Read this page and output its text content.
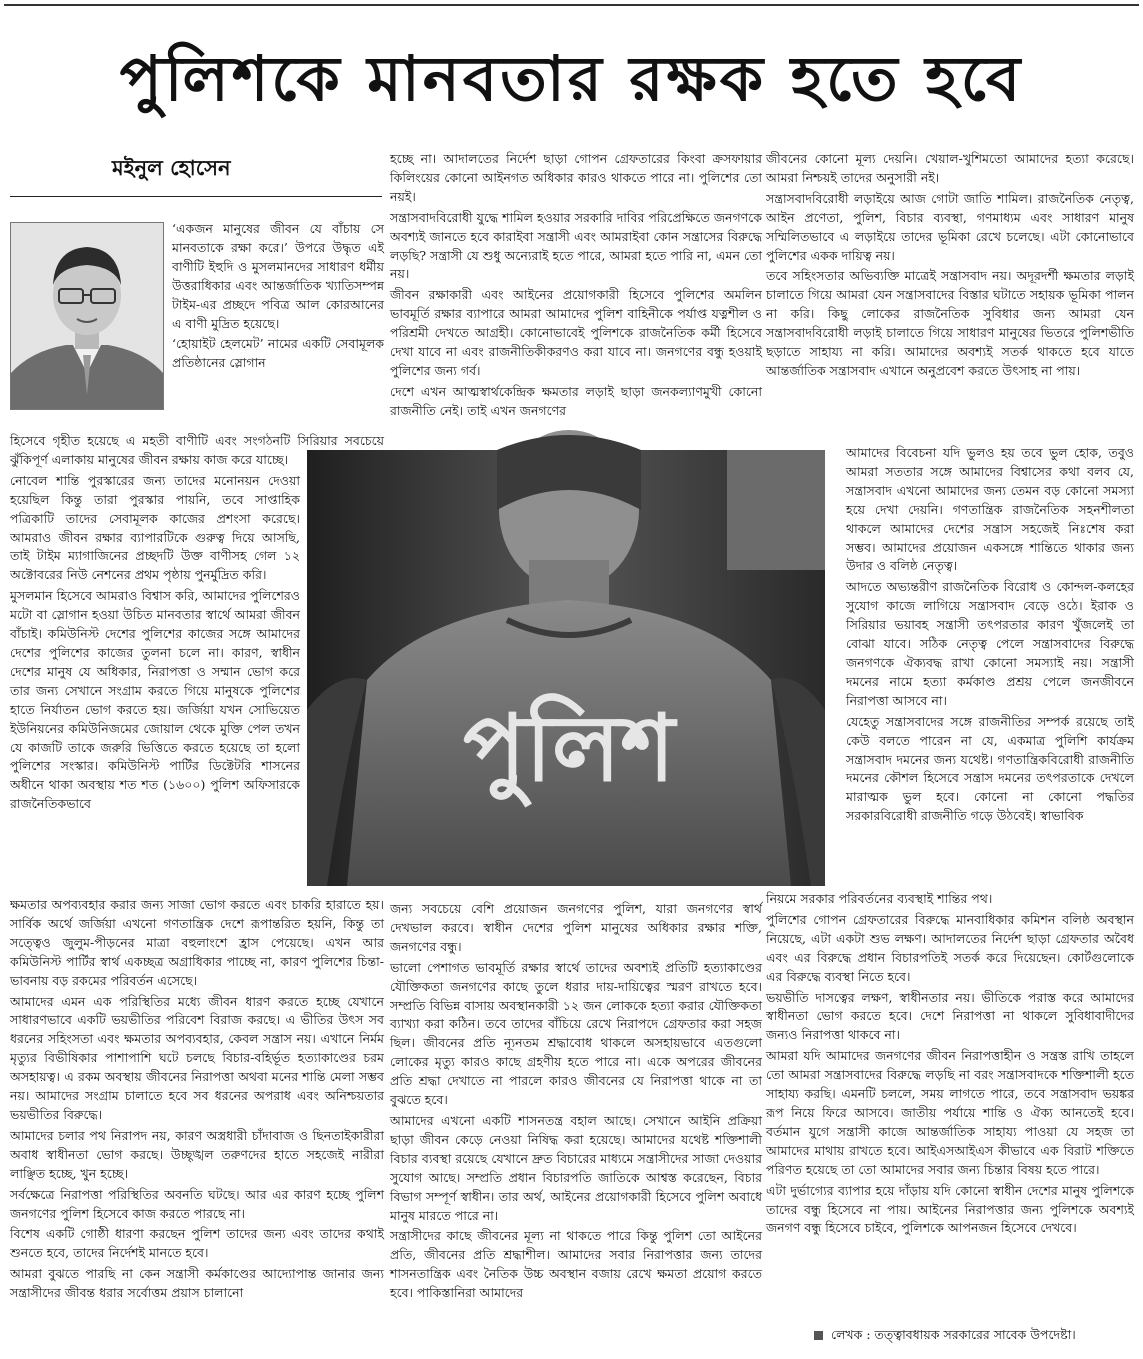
পুলিশকে মানবতার রক্ষক হতে হবে
মইনুল হোসেন

‘একজন মানুষের জীবন যে বাঁচায় সে মানবতাকে রক্ষা করে।’ উপরে উদ্ধৃত এই বাণীটি ইহুদি ও মুসলমানদের সাধারণ ধর্মীয় উত্তরাধিকার এবং আন্তর্জাতিক খ্যাতিসম্পন্ন টাইম-এর প্রচ্ছদে পবিত্র আল কোরআনের এ বাণী মুদ্রিত হয়েছে।

‘হোয়াইট হেলমেট’ নামের একটি সেবামূলক প্রতিষ্ঠানের স্লোগান

হিসেবে গৃহীত হয়েছে এ মহতী বাণীটি এবং সংগঠনটি সিরিয়ার সবচেয়ে ঝুঁকিপূর্ণ এলাকায় মানুষের জীবন রক্ষায় কাজ করে যাচ্ছে।

নোবেল শান্তি পুরস্কারের জন্য তাদের মনোনয়ন দেওয়া হয়েছিল কিন্তু তারা পুরস্কার পায়নি, তবে সাপ্তাহিক পত্রিকাটি তাদের সেবামূলক কাজের প্রশংসা করেছে। আমরাও জীবন রক্ষার ব্যাপারটিকে গুরুত্ব দিয়ে আসছি, তাই টাইম ম্যাগাজিনের প্রচ্ছদটি উক্ত বাণীসহ গেল ১২ অক্টোবরের নিউ নেশনের প্রথম পৃষ্ঠায় পুনর্মুদ্রিত করি।

মুসলমান হিসেবে আমরাও বিশ্বাস করি, আমাদের পুলিশেরও মটো বা স্লোগান হওয়া উচিত মানবতার স্বার্থে আমরা জীবন বাঁচাই। কমিউনিস্ট দেশের পুলিশের কাজের সঙ্গে আমাদের দেশের পুলিশের কাজের তুলনা চলে না। কারণ, স্বাধীন দেশের মানুষ যে অধিকার, নিরাপত্তা ও সম্মান ভোগ করে তার জন্য সেখানে সংগ্রাম করতে গিয়ে মানুষকে পুলিশের হাতে নির্যাতন ভোগ করতে হয়। জর্জিয়া যখন সোভিয়েত ইউনিয়নের কমিউনিজমের জোয়াল থেকে মুক্তি পেল তখন যে কাজটি তাকে জরুরি ভিত্তিতে করতে হয়েছে তা হলো পুলিশের সংস্কার। কমিউনিস্ট পার্টির ডিক্টেটরি শাসনের অধীনে থাকা অবস্থায় শত শত (১৬০০) পুলিশ অফিসারকে রাজনৈতিকভাবে

ক্ষমতার অপব্যবহার করার জন্য সাজা ভোগ করতে এবং চাকরি হারাতে হয়। সার্বিক অর্থে জর্জিয়া এখনো গণতান্ত্রিক দেশে রূপান্তরিত হয়নি, কিন্তু তা সত্ত্বেও জুলুম-পীড়নের মাত্রা বহুলাংশে হ্রাস পেয়েছে। এখন আর কমিউনিস্ট পার্টির স্বার্থ একচ্ছত্র অগ্রাধিকার পাচ্ছে না, কারণ পুলিশের চিন্তা-ভাবনায় বড় রকমের পরিবর্তন এসেছে।

আমাদের এমন এক পরিস্থিতির মধ্যে জীবন ধারণ করতে হচ্ছে যেখানে সাধারণভাবে একটি ভয়ভীতির পরিবেশ বিরাজ করছে। এ ভীতির উৎস সব ধরনের সহিংসতা এবং ক্ষমতার অপব্যবহার, কেবল সন্ত্রাস নয়। এখানে নির্মম মৃত্যুর বিভীষিকার পাশাপাশি ঘটে চলছে বিচার-বহির্ভূত হত্যাকাণ্ডের চরম অসহায়ত্ব। এ রকম অবস্থায় জীবনের নিরাপত্তা অথবা মনের শান্তি মেলা সম্ভব নয়। আমাদের সংগ্রাম চালাতে হবে সব ধরনের অপরাধ এবং অনিশ্চয়তার ভয়ভীতির বিরুদ্ধে।

আমাদের চলার পথ নিরাপদ নয়, কারণ অস্ত্রধারী চাঁদাবাজ ও ছিনতাইকারীরা অবাধ স্বাধীনতা ভোগ করছে। উচ্ছৃঙ্খল তরুণদের হাতে সহজেই নারীরা লাঞ্ছিত হচ্ছে, খুন হচ্ছে।

সর্বক্ষেত্রে নিরাপত্তা পরিস্থিতির অবনতি ঘটছে। আর এর কারণ হচ্ছে পুলিশ জনগণের পুলিশ হিসেবে কাজ করতে পারছে না।

বিশেষ একটি গোষ্ঠী ধারণা করছেন পুলিশ তাদের জন্য এবং তাদের কথাই শুনতে হবে, তাদের নির্দেশই মানতে হবে।

আমরা বুঝতে পারছি না কেন সন্ত্রাসী কর্মকাণ্ডের আদ্যোপান্ত জানার জন্য সন্ত্রাসীদের জীবন্ত ধরার সর্বোত্তম প্রয়াস চালানো

হচ্ছে না। আদালতের নির্দেশ ছাড়া গোপন গ্রেফতারের কিংবা ক্রসফায়ার কিলিংয়ের কোনো আইনগত অধিকার কারও থাকতে পারে না। পুলিশের তো নয়ই।

সন্ত্রাসবাদবিরোধী যুদ্ধে শামিল হওয়ার সরকারি দাবির পরিপ্রেক্ষিতে জনগণকে অবশ্যই জানতে হবে কারাইবা সন্ত্রাসী এবং আমরাইবা কোন সন্ত্রাসের বিরুদ্ধে লড়ছি? সন্ত্রাসী যে শুধু অন্যেরাই হতে পারে, আমরা হতে পারি না, এমন তো নয়।

জীবন রক্ষাকারী এবং আইনের প্রয়োগকারী হিসেবে পুলিশের অমলিন ভাবমূর্তি রক্ষার ব্যাপারে আমরা আমাদের পুলিশ বাহিনীকে পর্যাপ্ত যত্নশীল ও পরিশ্রমী দেখতে আগ্রহী। কোনোভাবেই পুলিশকে রাজনৈতিক কর্মী হিসেবে দেখা যাবে না এবং রাজনীতিকীকরণও করা যাবে না। জনগণের বন্ধু হওয়াই পুলিশের জন্য গর্ব।

দেশে এখন আত্মস্বার্থকেন্দ্রিক ক্ষমতার লড়াই ছাড়া জনকল্যাণমুখী কোনো রাজনীতি নেই। তাই এখন জনগণের

পুলিশ

জন্য সবচেয়ে বেশি প্রয়োজন জনগণের পুলিশ, যারা জনগণের স্বার্থ দেখভাল করবে। স্বাধীন দেশের পুলিশ মানুষের অধিকার রক্ষার শক্তি, জনগণের বন্ধু।

ভালো পেশাগত ভাবমূর্তি রক্ষার স্বার্থে তাদের অবশ্যই প্রতিটি হত্যাকাণ্ডের যৌক্তিকতা জনগণের কাছে তুলে ধরার দায়-দায়িত্বের স্মরণ রাখতে হবে। সম্প্রতি বিভিন্ন বাসায় অবস্থানকারী ১২ জন লোককে হত্যা করার যৌক্তিকতা ব্যাখ্যা করা কঠিন। তবে তাদের বাঁচিয়ে রেখে নিরাপদে গ্রেফতার করা সহজ ছিল। জীবনের প্রতি ন্যূনতম শ্রদ্ধাবোধ থাকলে অসহায়ভাবে এতগুলো লোকের মৃত্যু কারও কাছে গ্রহণীয় হতে পারে না। একে অপরের জীবনের প্রতি শ্রদ্ধা দেখাতে না পারলে কারও জীবনের যে নিরাপত্তা থাকে না তা বুঝতে হবে।

আমাদের এখনো একটি শাসনতন্ত্র বহাল আছে। সেখানে আইনি প্রক্রিয়া ছাড়া জীবন কেড়ে নেওয়া নিষিদ্ধ করা হয়েছে। আমাদের যথেষ্ট শক্তিশালী বিচার ব্যবস্থা রয়েছে যেখানে দ্রুত বিচারের মাধ্যমে সন্ত্রাসীদের সাজা দেওয়ার সুযোগ আছে। সম্প্রতি প্রধান বিচারপতি জাতিকে আশ্বস্ত করেছেন, বিচার বিভাগ সম্পূর্ণ স্বাধীন। তার অর্থ, আইনের প্রয়োগকারী হিসেবে পুলিশ অবাধে মানুষ মারতে পারে না।

সন্ত্রাসীদের কাছে জীবনের মূল্য না থাকতে পারে কিন্তু পুলিশ তো আইনের প্রতি, জীবনের প্রতি শ্রদ্ধাশীল। আমাদের সবার নিরাপত্তার জন্য তাদের শাসনতান্ত্রিক এবং নৈতিক উচ্চ অবস্থান বজায় রেখে ক্ষমতা প্রয়োগ করতে হবে। পাকিস্তানিরা আমাদের

জীবনের কোনো মূল্য দেয়নি। খেয়াল-খুশিমতো আমাদের হত্যা করেছে। আমরা নিশ্চয়ই তাদের অনুসারী নই।

সন্ত্রাসবাদবিরোধী লড়াইয়ে আজ গোটা জাতি শামিল। রাজনৈতিক নেতৃত্ব, আইন প্রণেতা, পুলিশ, বিচার ব্যবস্থা, গণমাধ্যম এবং সাধারণ মানুষ সম্মিলিতভাবে এ লড়াইয়ে তাদের ভূমিকা রেখে চলেছে। এটা কোনোভাবে পুলিশের একক দায়িত্ব নয়।

তবে সহিংসতার অভিব্যক্তি মাত্রেই সন্ত্রাসবাদ নয়। অদূরদর্শী ক্ষমতার লড়াই চালাতে গিয়ে আমরা যেন সন্ত্রাসবাদের বিস্তার ঘটাতে সহায়ক ভূমিকা পালন না করি। কিছু লোকের রাজনৈতিক সুবিধার জন্য আমরা যেন সন্ত্রাসবাদবিরোধী লড়াই চালাতে গিয়ে সাধারণ মানুষের ভিতরে পুলিশভীতি ছড়াতে সাহায্য না করি। আমাদের অবশ্যই সতর্ক থাকতে হবে যাতে আন্তর্জাতিক সন্ত্রাসবাদ এখানে অনুপ্রবেশ করতে উৎসাহ না পায়।

আমাদের বিবেচনা যদি ভুলও হয় তবে ভুল হোক, তবুও আমরা সততার সঙ্গে আমাদের বিশ্বাসের কথা বলব যে, সন্ত্রাসবাদ এখনো আমাদের জন্য তেমন বড় কোনো সমস্যা হয়ে দেখা দেয়নি। গণতান্ত্রিক রাজনৈতিক সহনশীলতা থাকলে আমাদের দেশের সন্ত্রাস সহজেই নিঃশেষ করা সম্ভব। আমাদের প্রয়োজন একসঙ্গে শান্তিতে থাকার জন্য উদার ও বলিষ্ঠ নেতৃত্ব।

আদতে অভ্যন্তরীণ রাজনৈতিক বিরোধ ও কোন্দল-কলহের সুযোগ কাজে লাগিয়ে সন্ত্রাসবাদ বেড়ে ওঠে। ইরাক ও সিরিয়ার ভয়াবহ সন্ত্রাসী তৎপরতার কারণ খুঁজলেই তা বোঝা যাবে। সঠিক নেতৃত্ব পেলে সন্ত্রাসবাদের বিরুদ্ধে জনগণকে ঐক্যবদ্ধ রাখা কোনো সমস্যাই নয়। সন্ত্রাসী দমনের নামে হত্যা কর্মকাণ্ড প্রশ্রয় পেলে জনজীবনে নিরাপত্তা আসবে না।

যেহেতু সন্ত্রাসবাদের সঙ্গে রাজনীতির সম্পর্ক রয়েছে তাই কেউ বলতে পারেন না যে, একমাত্র পুলিশি কার্যক্রম সন্ত্রাসবাদ দমনের জন্য যথেষ্ট। গণতান্ত্রিকবিরোধী রাজনীতি দমনের কৌশল হিসেবে সন্ত্রাস দমনের তৎপরতাকে দেখলে মারাত্মক ভুল হবে। কোনো না কোনো পদ্ধতির সরকারবিরোধী রাজনীতি গড়ে উঠবেই। স্বাভাবিক

নিয়মে সরকার পরিবর্তনের ব্যবস্থাই শান্তির পথ।

পুলিশের গোপন গ্রেফতারের বিরুদ্ধে মানবাধিকার কমিশন বলিষ্ঠ অবস্থান নিয়েছে, এটা একটা শুভ লক্ষণ। আদালতের নির্দেশ ছাড়া গ্রেফতার অবৈধ এবং এর বিরুদ্ধে প্রধান বিচারপতিই সতর্ক করে দিয়েছেন। কোর্টগুলোকে এর বিরুদ্ধে ব্যবস্থা নিতে হবে।

ভয়ভীতি দাসত্বের লক্ষণ, স্বাধীনতার নয়। ভীতিকে পরাস্ত করে আমাদের স্বাধীনতা ভোগ করতে হবে। দেশে নিরাপত্তা না থাকলে সুবিধাবাদীদের জন্যও নিরাপত্তা থাকবে না।

আমরা যদি আমাদের জনগণের জীবন নিরাপত্তাহীন ও সন্ত্রস্ত রাখি তাহলে তো আমরা সন্ত্রাসবাদের বিরুদ্ধে লড়ছি না বরং সন্ত্রাসবাদকে শক্তিশালী হতে সাহায্য করছি। এমনটি চললে, সময় লাগতে পারে, তবে সন্ত্রাসবাদ ভয়ঙ্কর রূপ নিয়ে ফিরে আসবে। জাতীয় পর্যায়ে শান্তি ও ঐক্য আনতেই হবে। বর্তমান যুগে সন্ত্রাসী কাজে আন্তর্জাতিক সাহায্য পাওয়া যে সহজ তা আমাদের মাথায় রাখতে হবে। আইএসআইএস কীভাবে এক বিরাট শক্তিতে পরিণত হয়েছে তা তো আমাদের সবার জন্য চিন্তার বিষয় হতে পারে।

এটা দুর্ভাগ্যের ব্যাপার হয়ে দাঁড়ায় যদি কোনো স্বাধীন দেশের মানুষ পুলিশকে তাদের বন্ধু হিসেবে না পায়। আইনের নিরাপত্তার জন্য পুলিশকে অবশ্যই জনগণ বন্ধু হিসেবে চাইবে, পুলিশকে আপনজন হিসেবে দেখবে।

লেখক : তত্ত্বাবধায়ক সরকারের সাবেক উপদেষ্টা।
